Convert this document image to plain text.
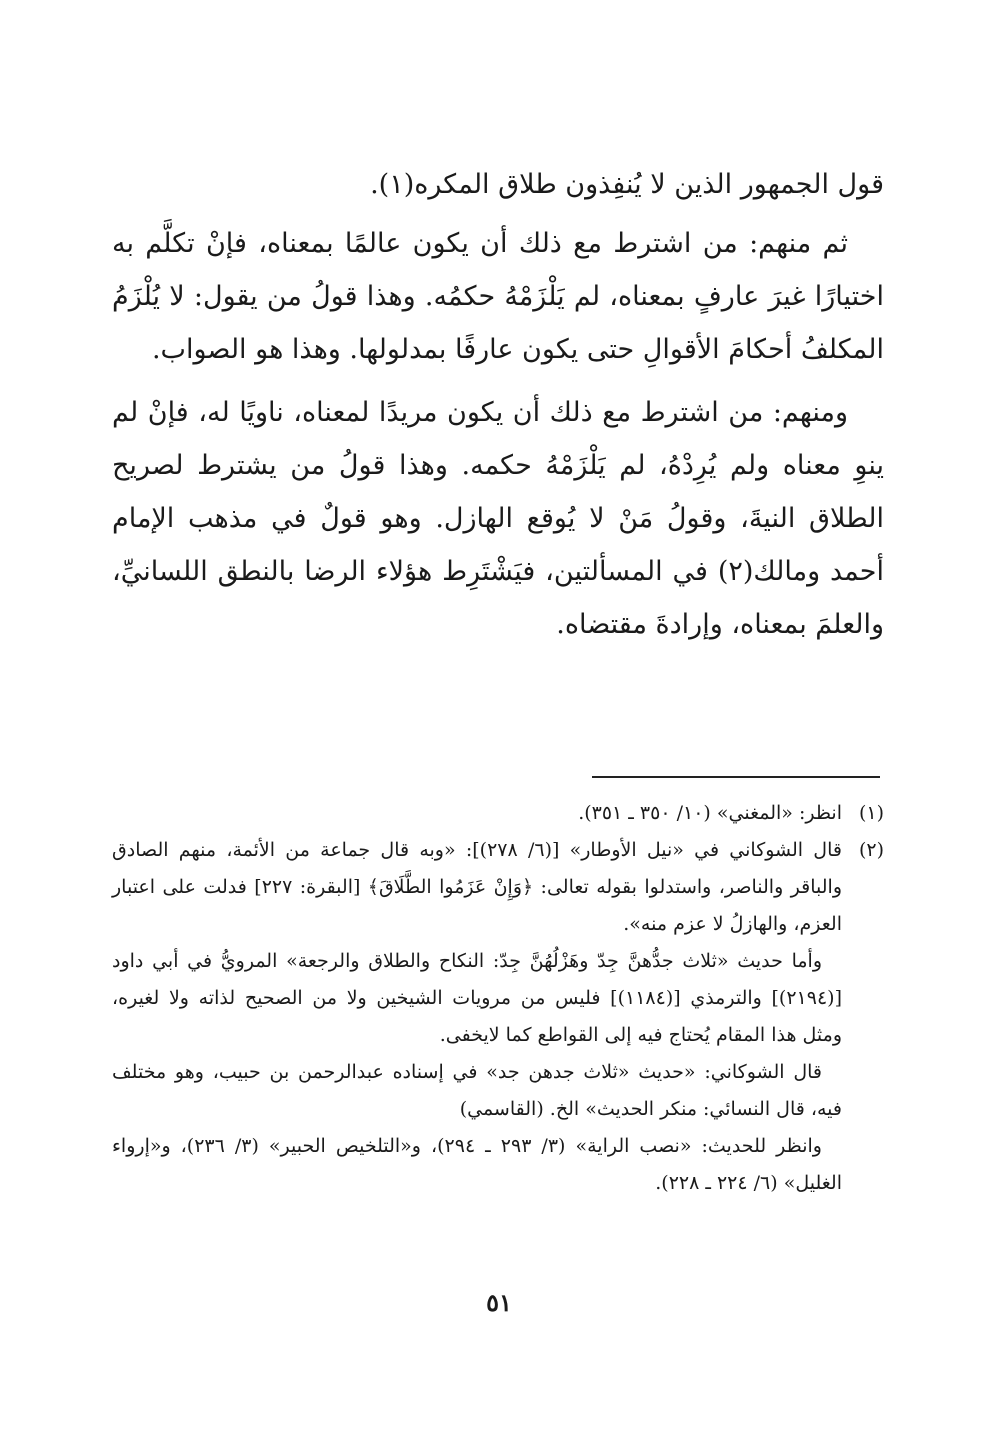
قول الجمهور الذين لا يُنفِذون طلاق المكره(١).

ثم منهم: من اشترط مع ذلك أن يكون عالمًا بمعناه، فإنْ تكلَّم به اختيارًا غيرَ عارفٍ بمعناه، لم يَلْزَمْهُ حكمُه. وهذا قولُ من يقول: لا يُلْزَمُ المكلفُ أحكامَ الأقوالِ حتى يكون عارفًا بمدلولها. وهذا هو الصواب.

ومنهم: من اشترط مع ذلك أن يكون مريدًا لمعناه، ناويًا له، فإنْ لم ينوِ معناه ولم يُرِدْهُ، لم يَلْزَمْهُ حكمه. وهذا قولُ من يشترط لصريح الطلاق النيةَ، وقولُ مَنْ لا يُوقع الهازل. وهو قولٌ في مذهب الإمام أحمد ومالك(٢) في المسألتين، فيَشْتَرِط هؤلاء الرضا بالنطق اللسانيِّ، والعلمَ بمعناه، وإرادةَ مقتضاه.

(١)
انظر: «المغني» (١٠/ ٣٥٠ ـ ٣٥١).
(٢)
قال الشوكاني في «نيل الأوطار» [(٦/ ٢٧٨)]: «وبه قال جماعة من الأئمة، منهم الصادق والباقر والناصر، واستدلوا بقوله تعالى: ﴿وَإِنْ عَزَمُوا الطَّلَاقَ﴾ [البقرة: ٢٢٧] فدلت على اعتبار العزم، والهازلُ لا عزم منه».

وأما حديث «ثلاث جدُّهنَّ جِدّ وهَزْلُهُنَّ جِدّ: النكاح والطلاق والرجعة» المرويُّ في أبي داود [(٢١٩٤)] والترمذي [(١١٨٤)] فليس من مرويات الشيخين ولا من الصحيح لذاته ولا لغيره، ومثل هذا المقام يُحتاج فيه إلى القواطع كما لايخفى.

قال الشوكاني: «حديث «ثلاث جدهن جد» في إسناده عبدالرحمن بن حبيب، وهو مختلف فيه، قال النسائي: منكر الحديث» الخ. (القاسمي)

وانظر للحديث: «نصب الراية» (٣/ ٢٩٣ ـ ٢٩٤)، و«التلخيص الحبير» (٣/ ٢٣٦)، و«إرواء الغليل» (٦/ ٢٢٤ ـ ٢٢٨).

٥١
